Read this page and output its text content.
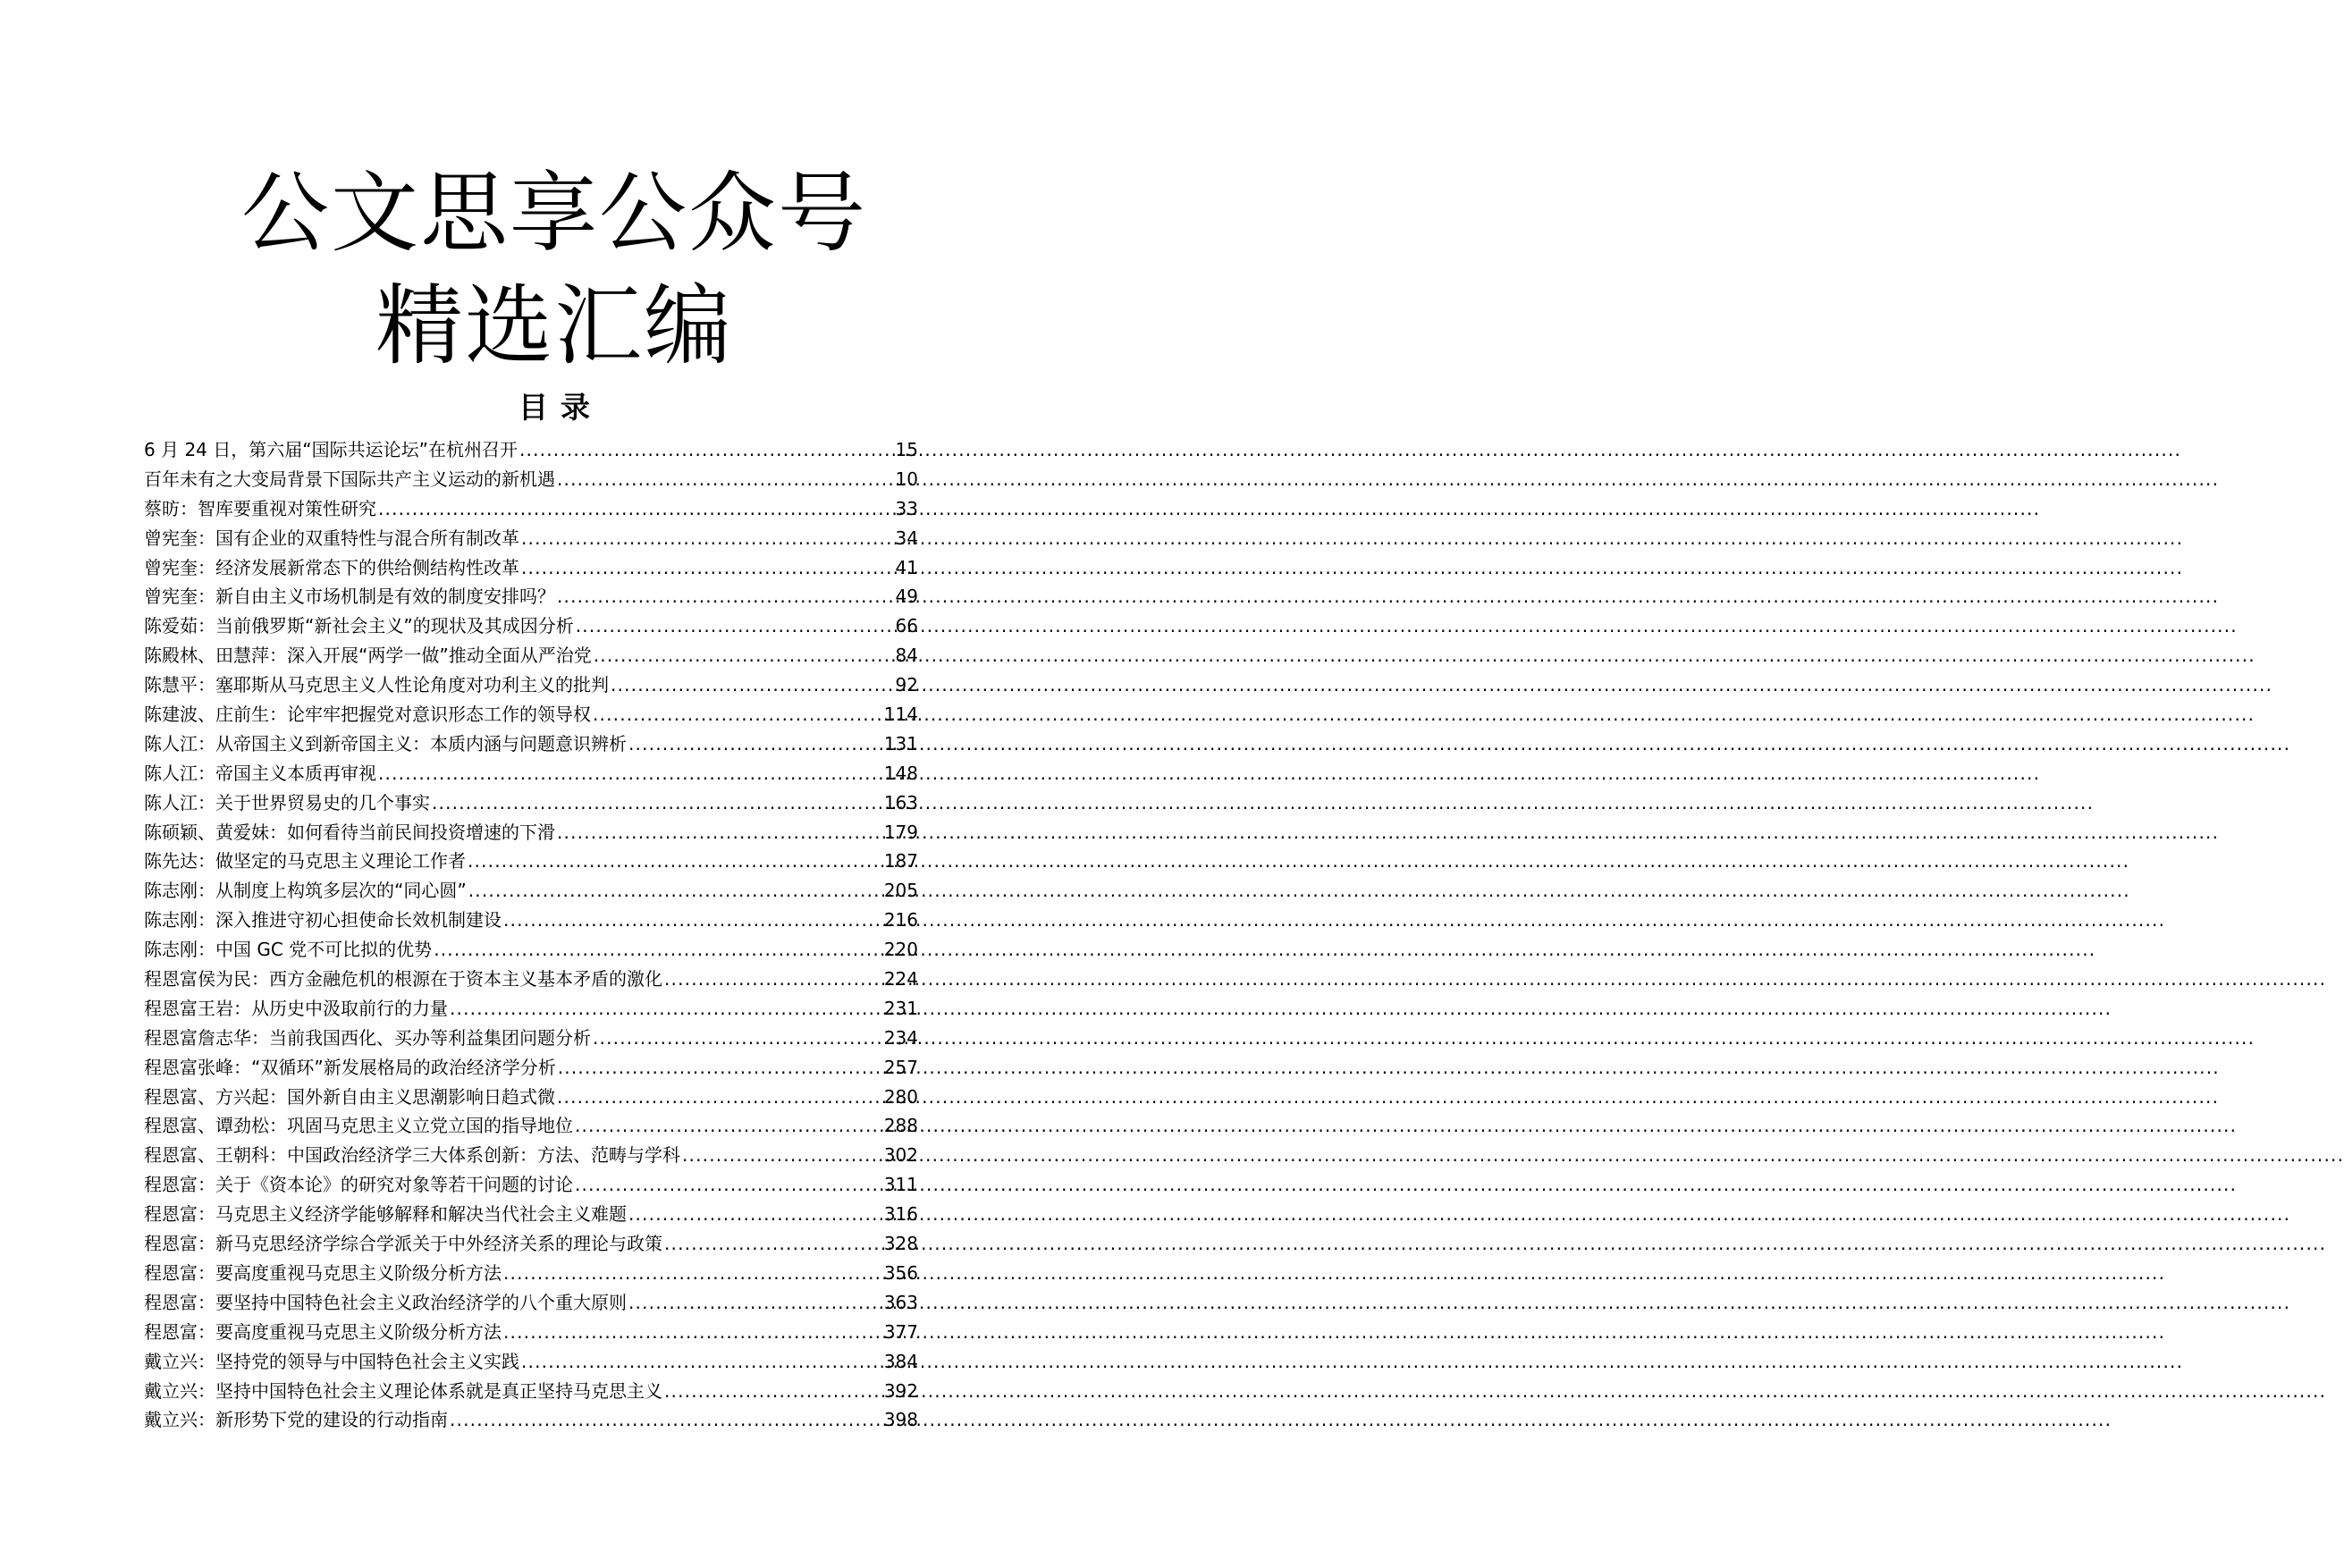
公文思享公众号
精选汇编
目录
6 月 24 日，第六届“国际共运论坛”在杭州召开 .....	15
百年未有之大变局背景下国际共产主义运动的新机遇 .....	10
蔡昉：智库要重视对策性研究 .....	33
曾宪奎：国有企业的双重特性与混合所有制改革 .....	34
曾宪奎：经济发展新常态下的供给侧结构性改革 .....	41
曾宪奎：新自由主义市场机制是有效的制度安排吗？ .....	49
陈爱茹：当前俄罗斯“新社会主义”的现状及其成因分析 .....	66
陈殿林、田慧萍：深入开展“两学一做”推动全面从严治党 .....	84
陈慧平：塞耶斯从马克思主义人性论角度对功利主义的批判 .....	92
陈建波、庄前生：论牢牢把握党对意识形态工作的领导权 .....	114
陈人江：从帝国主义到新帝国主义：本质内涵与问题意识辨析 .....	131
陈人江：帝国主义本质再审视 .....	148
陈人江：关于世界贸易史的几个事实 .....	163
陈硕颖、黄爱妹：如何看待当前民间投资增速的下滑 .....	179
陈先达：做坚定的马克思主义理论工作者 .....	187
陈志刚：从制度上构筑多层次的“同心圆” .....	205
陈志刚：深入推进守初心担使命长效机制建设 .....	216
陈志刚：中国 GC 党不可比拟的优势 .....	220
程恩富侯为民：西方金融危机的根源在于资本主义基本矛盾的激化 .....	224
程恩富王岩：从历史中汲取前行的力量 .....	231
程恩富詹志华：当前我国西化、买办等利益集团问题分析 .....	234
程恩富张峰：“双循环”新发展格局的政治经济学分析 .....	257
程恩富、方兴起：国外新自由主义思潮影响日趋式微 .....	280
程恩富、谭劲松：巩固马克思主义立党立国的指导地位 .....	288
程恩富、王朝科：中国政治经济学三大体系创新：方法、范畴与学科 .....	302
程恩富：关于《资本论》的研究对象等若干问题的讨论 .....	311
程恩富：马克思主义经济学能够解释和解决当代社会主义难题 .....	316
程恩富：新马克思经济学综合学派关于中外经济关系的理论与政策 .....	328
程恩富：要高度重视马克思主义阶级分析方法 .....	356
程恩富：要坚持中国特色社会主义政治经济学的八个重大原则 .....	363
程恩富：要高度重视马克思主义阶级分析方法 .....	377
戴立兴：坚持党的领导与中国特色社会主义实践 .....	384
戴立兴：坚持中国特色社会主义理论体系就是真正坚持马克思主义 .....	392
戴立兴：新形势下党的建设的行动指南 .....	398
